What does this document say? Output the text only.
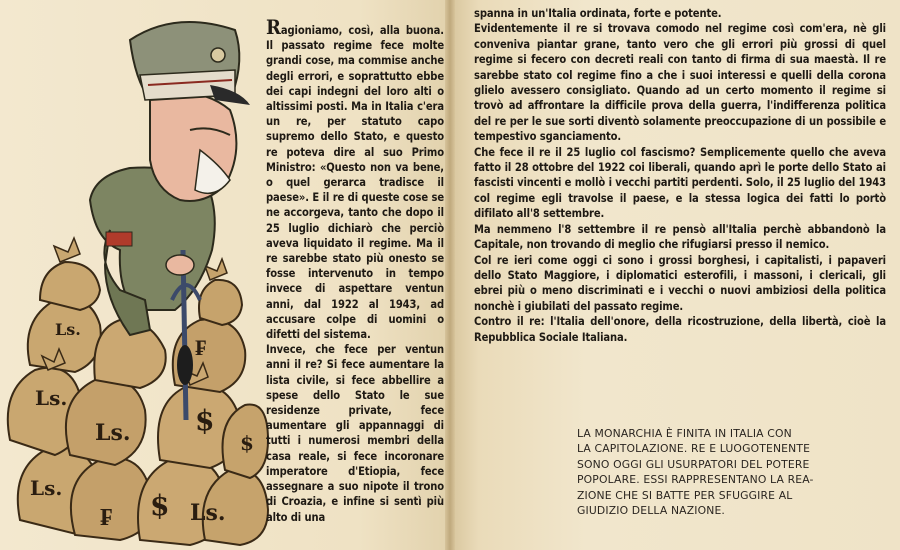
Ls.
Ls.
Ls.
Ls.
Ls.
$
$
₣
₣
$

Ragioniamo, così, alla buona. Il passato regime fece molte grandi cose, ma commise anche degli errori, e soprattutto ebbe dei capi indegni del loro alti o altissimi posti. Ma in Italia c'era un re, per statuto capo supremo dello Stato, e questo re poteva dire al suo Primo Ministro: «Questo non va bene, o quel gerarca tradisce il paese». E il re di queste cose se ne accorgeva, tanto che dopo il 25 luglio dichiarò che perciò aveva liquidato il regime. Ma il re sarebbe stato più onesto se fosse intervenuto in tempo invece di aspettare ventun anni, dal 1922 al 1943, ad accusare colpe di uomini o difetti del sistema.

Invece, che fece per ventun anni il re? Si fece aumentare la lista civile, si fece abbellire a spese dello Stato le sue residenze private, fece aumentare gli appannaggi di tutti i numerosi membri della casa reale, si fece incoronare imperatore d'Etiopia, fece assegnare a suo nipote il trono di Croazia, e infine si sentì più alto di una

spanna in un'Italia ordinata, forte e potente.

Evidentemente il re si trovava comodo nel regime così com'era, nè gli conveniva piantar grane, tanto vero che gli errori più grossi di quel regime si fecero con decreti reali con tanto di firma di sua maestà. Il re sarebbe stato col regime fino a che i suoi interessi e quelli della corona glielo avessero consigliato. Quando ad un certo momento il regime si trovò ad affrontare la difficile prova della guerra, l'indifferenza politica del re per le sue sorti diventò solamente preoccupazione di un possibile e tempestivo sganciamento.

Che fece il re il 25 luglio col fascismo? Semplicemente quello che aveva fatto il 28 ottobre del 1922 coi liberali, quando aprì le porte dello Stato ai fascisti vincenti e mollò i vecchi partiti perdenti. Solo, il 25 luglio del 1943 col regime egli travolse il paese, e la stessa logica dei fatti lo portò difilato all'8 settembre.

Ma nemmeno l'8 settembre il re pensò all'Italia perchè abbandonò la Capitale, non trovando di meglio che rifugiarsi presso il nemico.

Col re ieri come oggi ci sono i grossi borghesi, i capitalisti, i papaveri dello Stato Maggiore, i diplomatici esterofili, i massoni, i clericali, gli ebrei più o meno discriminati e i vecchi o nuovi ambiziosi della politica nonchè i giubilati del passato regime.

Contro il re: l'Italia dell'onore, della ricostruzione, della libertà, cioè la Repubblica Sociale Italiana.

LA MONARCHIA È FINITA IN ITALIA CON

LA CAPITOLAZIONE. RE E LUOGOTENENTE

SONO OGGI GLI USURPATORI DEL POTERE

POPOLARE. ESSI RAPPRESENTANO LA REA-

ZIONE CHE SI BATTE PER SFUGGIRE AL

GIUDIZIO DELLA NAZIONE.
